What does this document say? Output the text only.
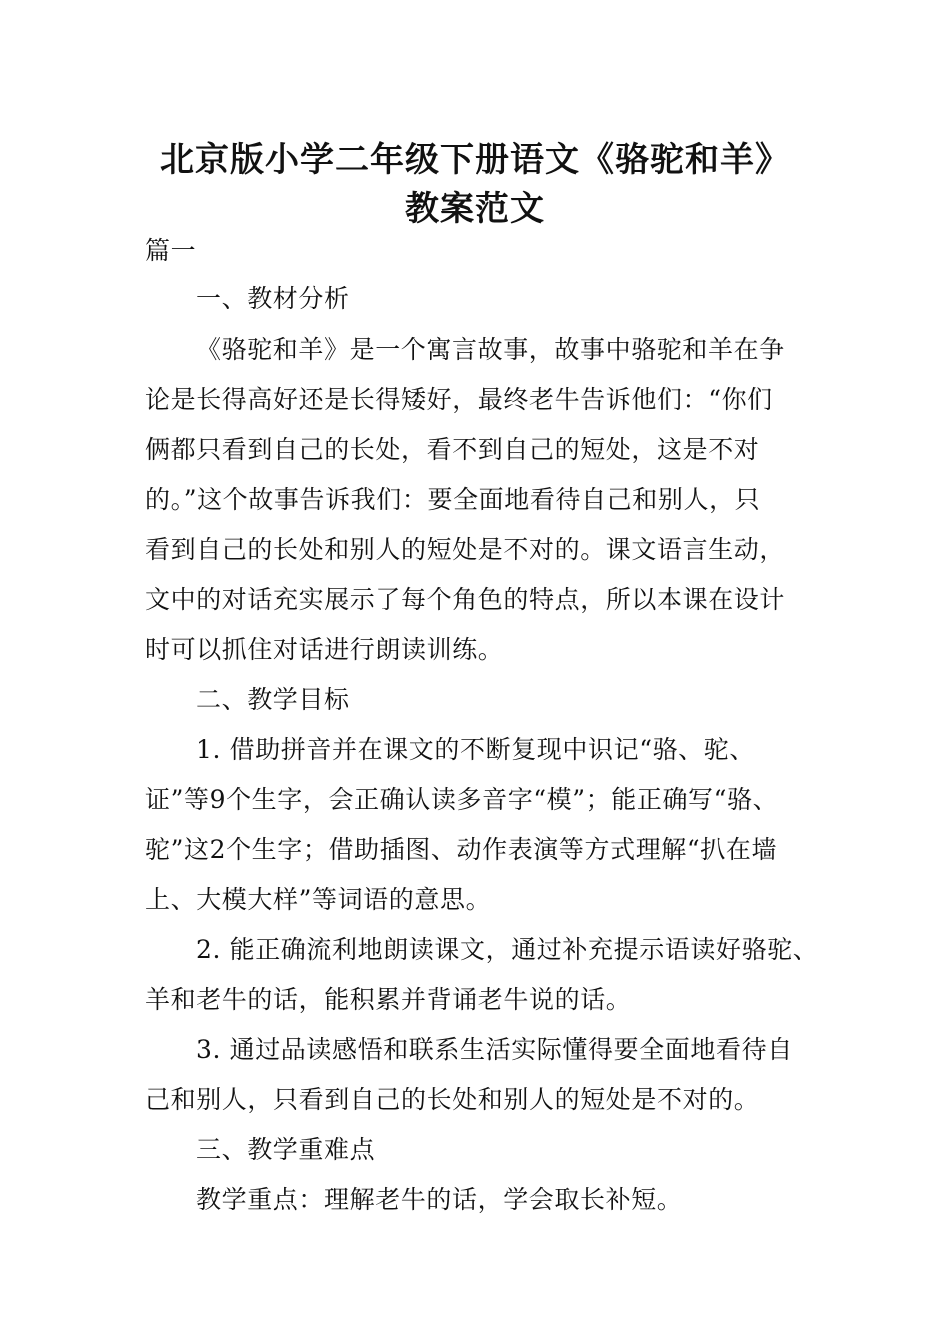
北京版小学二年级下册语文《骆驼和羊》
教案范文
篇一
一、教材分析
《骆驼和羊》是一个寓言故事，故事中骆驼和羊在争
论是长得高好还是长得矮好，最终老牛告诉他们：“你们
俩都只看到自己的长处，看不到自己的短处，这是不对
的。”这个故事告诉我们：要全面地看待自己和别人，只
看到自己的长处和别人的短处是不对的。课文语言生动，
文中的对话充实展示了每个角色的特点，所以本课在设计
时可以抓住对话进行朗读训练。
二、教学目标
1. 借助拼音并在课文的不断复现中识记“骆、驼、
证”等9个生字，会正确认读多音字“模”；能正确写“骆、
驼”这2个生字；借助插图、动作表演等方式理解“扒在墙
上、大模大样”等词语的意思。
2. 能正确流利地朗读课文，通过补充提示语读好骆驼、
羊和老牛的话，能积累并背诵老牛说的话。
3. 通过品读感悟和联系生活实际懂得要全面地看待自
己和别人，只看到自己的长处和别人的短处是不对的。
三、教学重难点
教学重点：理解老牛的话，学会取长补短。
